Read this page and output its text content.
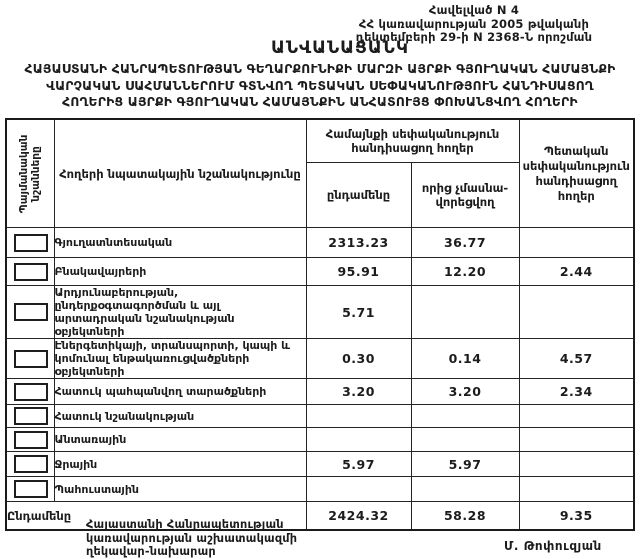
Հավելված N 4
ՀՀ կառավարության 2005 թվականի
դեկտեմբերի 29-ի N 2368-Ն որոշման
ԱՆՎԱՆԱՑԱՆԿ
ՀԱՅԱՍՏԱՆԻ ՀԱՆՐԱՊԵՏՈՒԹՅԱՆ ԳԵՂԱՐՔՈՒՆԻՔԻ ՄԱՐԶԻ ԱՅՐՔԻ ԳՅՈՒՂԱԿԱՆ ՀԱՄԱՅՆՔԻ
ՎԱՐՉԱԿԱՆ ՍԱՀՄԱՆՆԵՐՈՒՄ ԳՏՆՎՈՂ ՊԵՏԱԿԱՆ ՍԵՓԱԿԱՆՈՒԹՅՈՒՆ ՀԱՆԴԻՍԱՑՈՂ
ՀՈՂԵՐԻՑ ԱՅՐՔԻ ԳՅՈՒՂԱԿԱՆ ՀԱՄԱՅՆՔԻՆ ԱՆՀԱՏՈՒՅՑ ՓՈԽԱՆՑՎՈՂ ՀՈՂԵՐԻ
Պայմանական նշանները	Հողերի նպատակային նշանակությունը	Համայնքի սեփականություն հանդիսացող հողեր		Պետական սեփականություն հանդիսացող հողեր
		ընդամենը	որից չմասնավորեցվող	

	Գյուղատնտեսական	2313.23	36.77	

	Բնակավայրերի	95.91	12.20	2.44

	Արդյունաբերության, ընդերքօգտագործման և այլ արտադրական նշանակության օբյեկտների	5.71		

	Էներգետիկայի, տրանսպորտի, կապի և կոմունալ ենթակառուցվածքների օբյեկտների	0.30	0.14	4.57

	Հատուկ պահպանվող տարածքների	3.20	3.20	2.34

	Հատուկ նշանակության			

	Անտառային			

	Ջրային	5.97	5.97	

	Պահուստային			
Ընդամենը		2424.32	58.28	9.35
Հայաստանի Հանրապետության
կառավարության աշխատակազմի
ղեկավար-նախարար	Մ. Թոփուզյան
